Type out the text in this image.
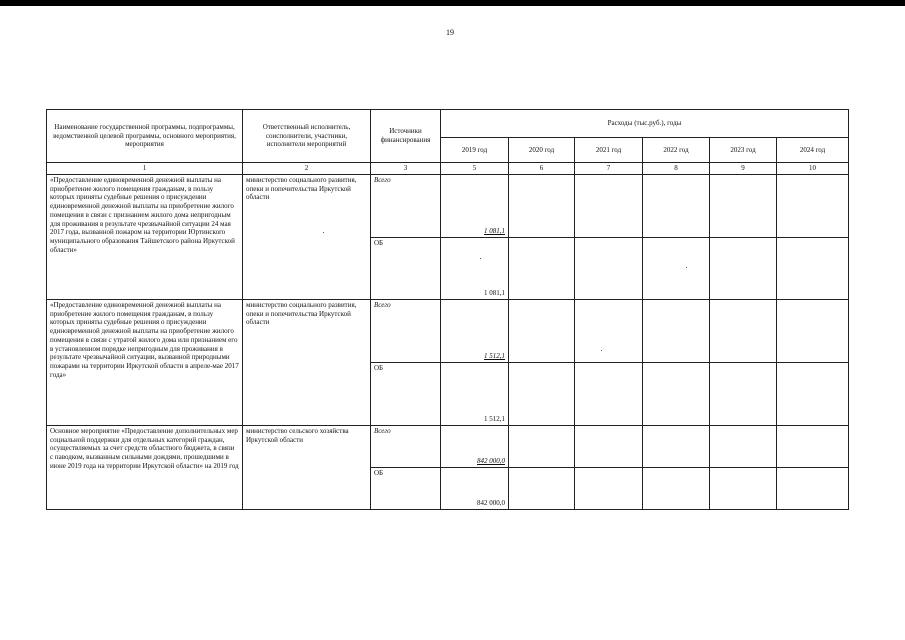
19
Наименование государственной программы, подпрограммы, ведомственной целевой программы, основного мероприятия, мероприятия	Ответственный исполнитель, соисполнители, участники, исполнители мероприятий	Источники финансирования	Расходы (тыс.руб.), годы					
			2019 год	2020 год	2021 год	2022 год	2023 год	2024 год
1	2	3	5	6	7	8	9	10
«Предоставление единовременной денежной выплаты на приобретение жилого помещения гражданам, в пользу которых приняты судебные решения о присуждении единовременной денежной выплаты на приобретение жилого помещения в связи с признанием жилого дома непригодным для проживания в результате чрезвычайной ситуации 24 мая 2017 года, вызванной пожаром на территории Юртинского муниципального образования Тайшетского района Иркутской области»	министерство социального развития, опеки и попечительства Иркутской области	Всего	1 081,1					
		ОБ	1 081,1					
«Предоставление единовременной денежной выплаты на приобретение жилого помещения гражданам, в пользу которых приняты судебные решения о присуждении единовременной денежной выплаты на приобретение жилого помещения в связи с утратой жилого дома или признанием его в установленном порядке непригодным для проживания в результате чрезвычайной ситуации, вызванной природными пожарами на территории Иркутской области в апреле-мае 2017 года»	министерство социального развития, опеки и попечительства Иркутской области	Всего	1 512,1					
		ОБ	1 512,1					
Основное мероприятие «Предоставление дополнительных мер социальной поддержки для отдельных категорий граждан, осуществляемых за счет средств областного бюджета, в связи с паводком, вызванным сильными дождями, прошедшими в июне 2019 года на территории Иркутской области» на 2019 год	министерство сельского хозяйства Иркутской области	Всего	842 000,0					
		ОБ	842 000,0					
